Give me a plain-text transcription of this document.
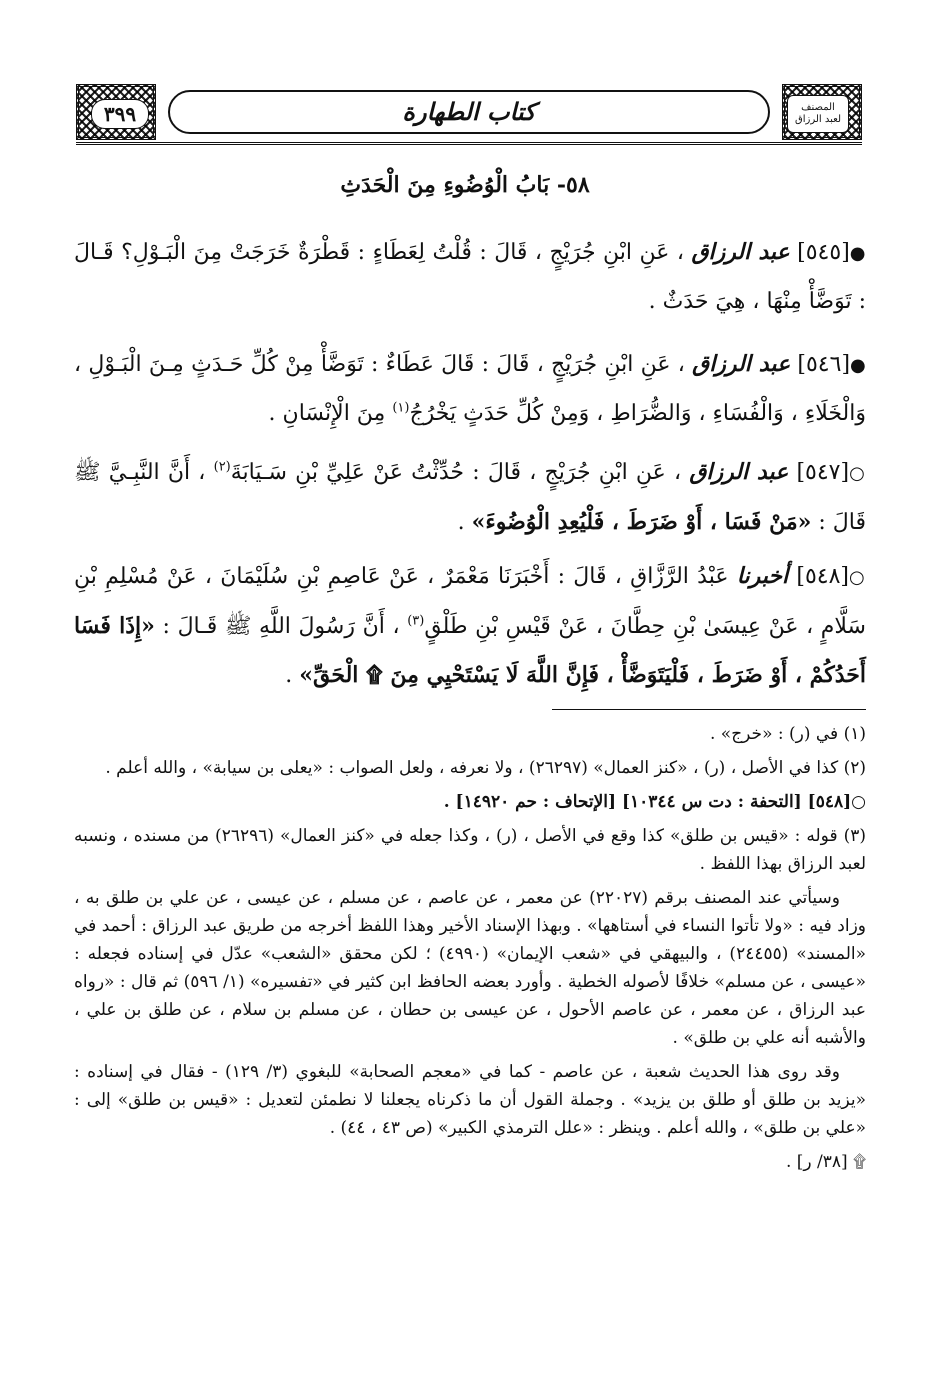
٣٩٩	كتاب الطهارة	المصنف
لعبد الرزاق
٥٨- بَابُ الْوُضُوءِ مِنَ الْحَدَثِ
●[٥٤٥] عبد الرزاق ، عَنِ ابْنِ جُرَيْجٍ ، قَالَ : قُلْتُ لِعَطَاءٍ : قَطْرَةٌ خَرَجَتْ مِنَ الْبَـوْلِ؟ قَـالَ : تَوَضَّأْ مِنْهَا ، هِيَ حَدَثٌ .
●[٥٤٦] عبد الرزاق ، عَنِ ابْنِ جُرَيْجٍ ، قَالَ : قَالَ عَطَاءٌ : تَوَضَّأْ مِنْ كُلِّ حَـدَثٍ مِـنَ الْبَـوْلِ ، وَالْخَلَاءِ ، وَالْفُسَاءِ ، وَالضُّرَاطِ ، وَمِنْ كُلِّ حَدَثٍ يَخْرُجُ$^{(١)}$ مِنَ الْإِنْسَانِ .
○[٥٤٧] عبد الرزاق ، عَنِ ابْنِ جُرَيْجٍ ، قَالَ : حُدِّثْتُ عَنْ عَلِيِّ بْنِ سَـيَابَةَ$^{(٢)}$ ، أَنَّ النَّبِـيَّ ﷺ قَالَ : «مَنْ فَسَا ، أَوْ ضَرَطَ ، فَلْيُعِدِ الْوُضُوءَ» .
○[٥٤٨] أخبرنا عَبْدُ الرَّزَّاقِ ، قَالَ : أَخْبَرَنَا مَعْمَرٌ ، عَنْ عَاصِمِ بْنِ سُلَيْمَانَ ، عَنْ مُسْلِمِ بْنِ سَلَّامٍ ، عَنْ عِيسَىٰ بْنِ حِطَّانَ ، عَنْ قَيْسِ بْنِ طَلْقٍ$^{(٣)}$ ، أَنَّ رَسُولَ اللَّهِ ﷺ قَـالَ : «إِذَا فَسَا أَحَدُكُمْ ، أَوْ ضَرَطَ ، فَلْيَتَوَضَّأْ ، فَإِنَّ اللَّهَ لَا يَسْتَحْيِي مِنَ ۩ الْحَقِّ» .

(١) في (ر) : «خرج» .

(٢) كذا في الأصل ، (ر) ، «كنز العمال» (٢٦٢٩٧) ، ولا نعرفه ، ولعل الصواب : «يعلى بن سيابة» ، والله أعلم .

○[٥٤٨] [التحفة : دت س ١٠٣٤٤] [الإتحاف : حم ١٤٩٢٠] .

(٣) قوله : «قيس بن طلق» كذا وقع في الأصل ، (ر) ، وكذا جعله في «كنز العمال» (٢٦٢٩٦) من مسنده ، ونسبه لعبد الرزاق بهذا اللفظ .

وسيأتي عند المصنف برقم (٢٢٠٢٧) عن معمر ، عن عاصم ، عن مسلم ، عن عيسى ، عن علي بن طلق به ، وزاد فيه : «ولا تأتوا النساء في أستاهها» . وبهذا الإسناد الأخير وهذا اللفظ أخرجه من طريق عبد الرزاق : أحمد في «المسند» (٢٤٤٥٥) ، والبيهقي في «شعب الإيمان» (٤٩٩٠) ؛ لكن محقق «الشعب» عدّل في إسناده فجعله : «عيسى ، عن مسلم» خلافًا لأصوله الخطية . وأورد بعضه الحافظ ابن كثير في «تفسيره» (١/ ٥٩٦) ثم قال : «رواه عبد الرزاق ، عن معمر ، عن عاصم الأحول ، عن عيسى بن حطان ، عن مسلم بن سلام ، عن طلق بن علي ، والأشبه أنه علي بن طلق» .

وقد روى هذا الحديث شعبة ، عن عاصم - كما في «معجم الصحابة» للبغوي (٣/ ١٢٩) - فقال في إسناده : «يزيد بن طلق أو طلق بن يزيد» . وجملة القول أن ما ذكرناه يجعلنا لا نطمئن لتعديل : «قيس بن طلق» إلى : «علي بن طلق» ، والله أعلم . وينظر : «علل الترمذي الكبير» (ص ٤٣ ، ٤٤) .

۩ [٣٨/ ر] .
